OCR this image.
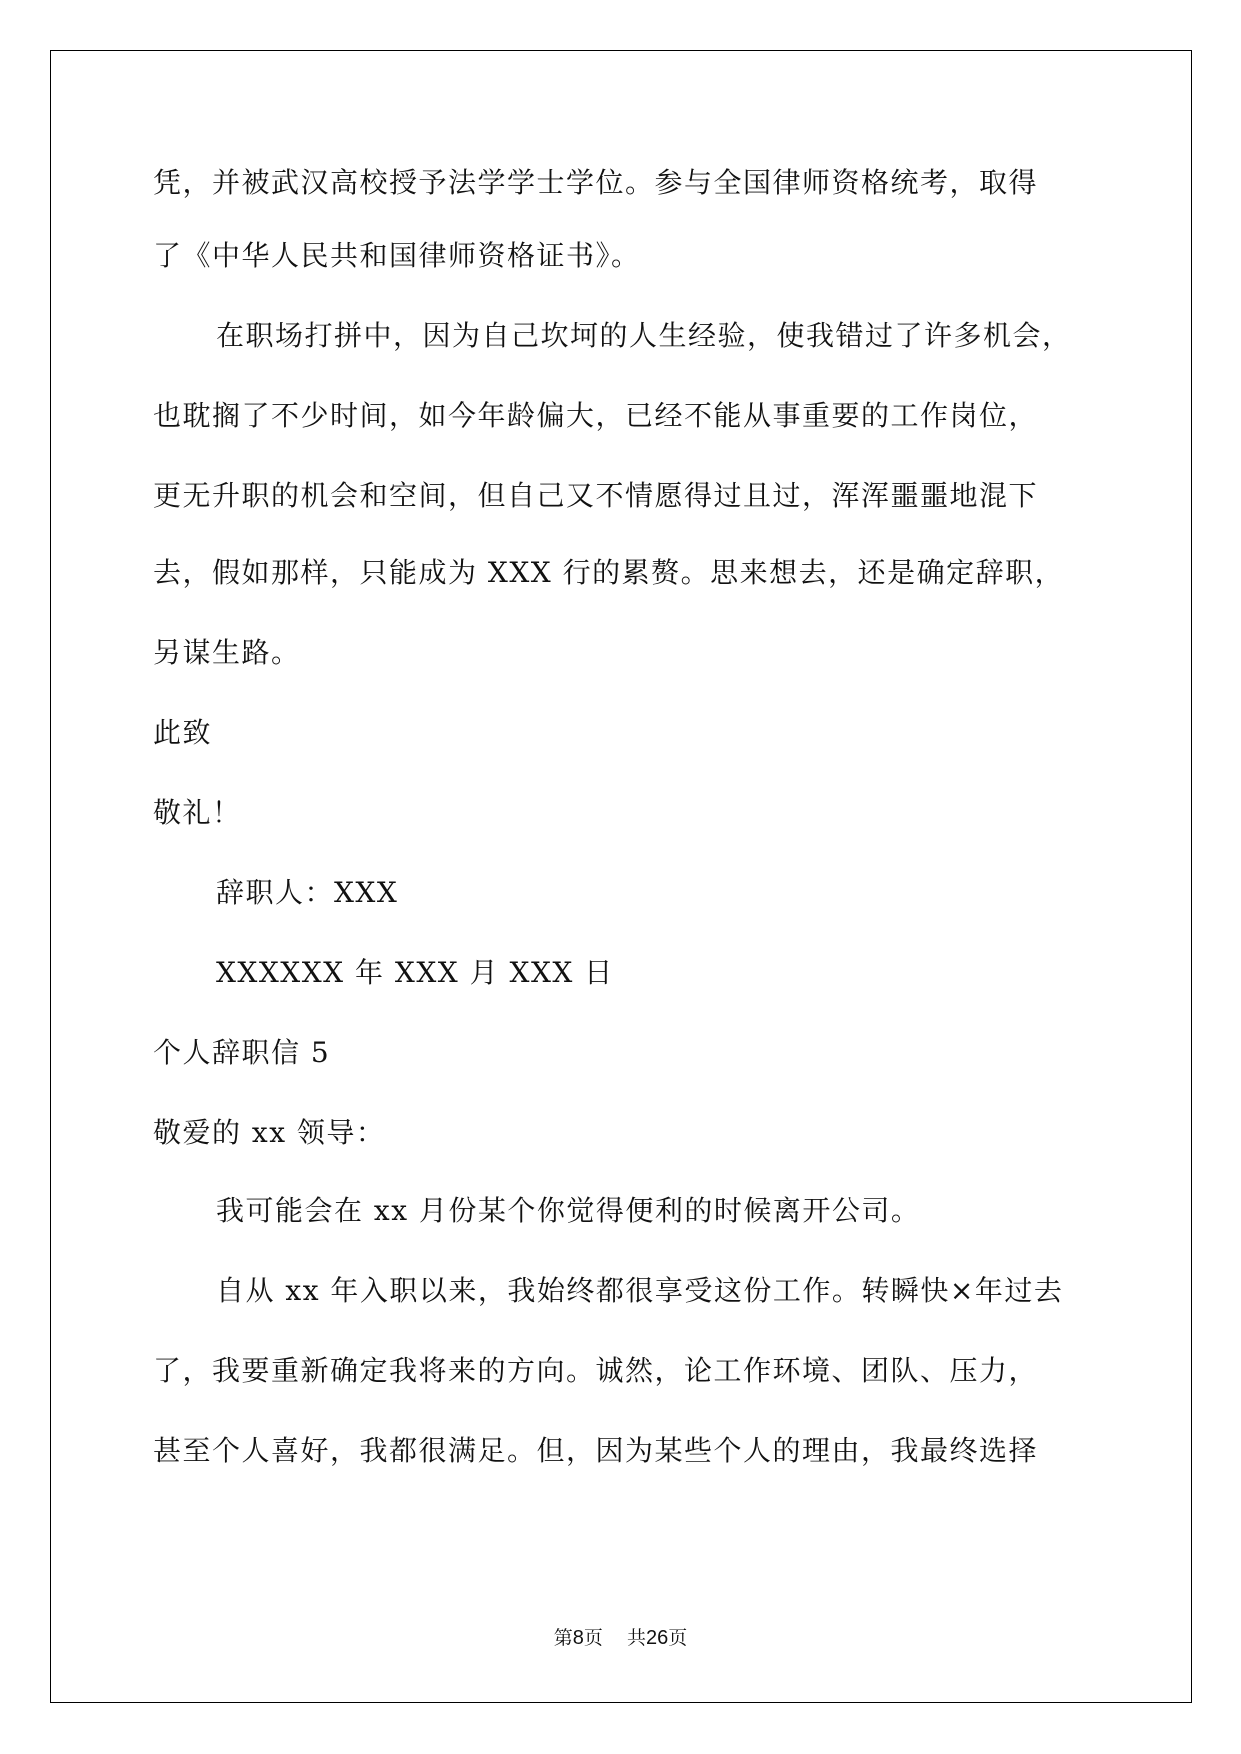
凭，并被武汉高校授予法学学士学位。参与全国律师资格统考，取得
了《中华人民共和国律师资格证书》。
在职场打拼中，因为自己坎坷的人生经验，使我错过了许多机会，
也耽搁了不少时间，如今年龄偏大，已经不能从事重要的工作岗位，
更无升职的机会和空间，但自己又不情愿得过且过，浑浑噩噩地混下
去，假如那样，只能成为 XXX 行的累赘。思来想去，还是确定辞职，
另谋生路。
此致
敬礼！
辞职人：XXX
XXXXXX 年 XXX 月 XXX 日
个人辞职信 5
敬爱的 xx 领导：
我可能会在 xx 月份某个你觉得便利的时候离开公司。
自从 xx 年入职以来，我始终都很享受这份工作。转瞬快×年过去
了，我要重新确定我将来的方向。诚然，论工作环境、团队、压力，
甚至个人喜好，我都很满足。但，因为某些个人的理由，我最终选择
第8页 共26页
